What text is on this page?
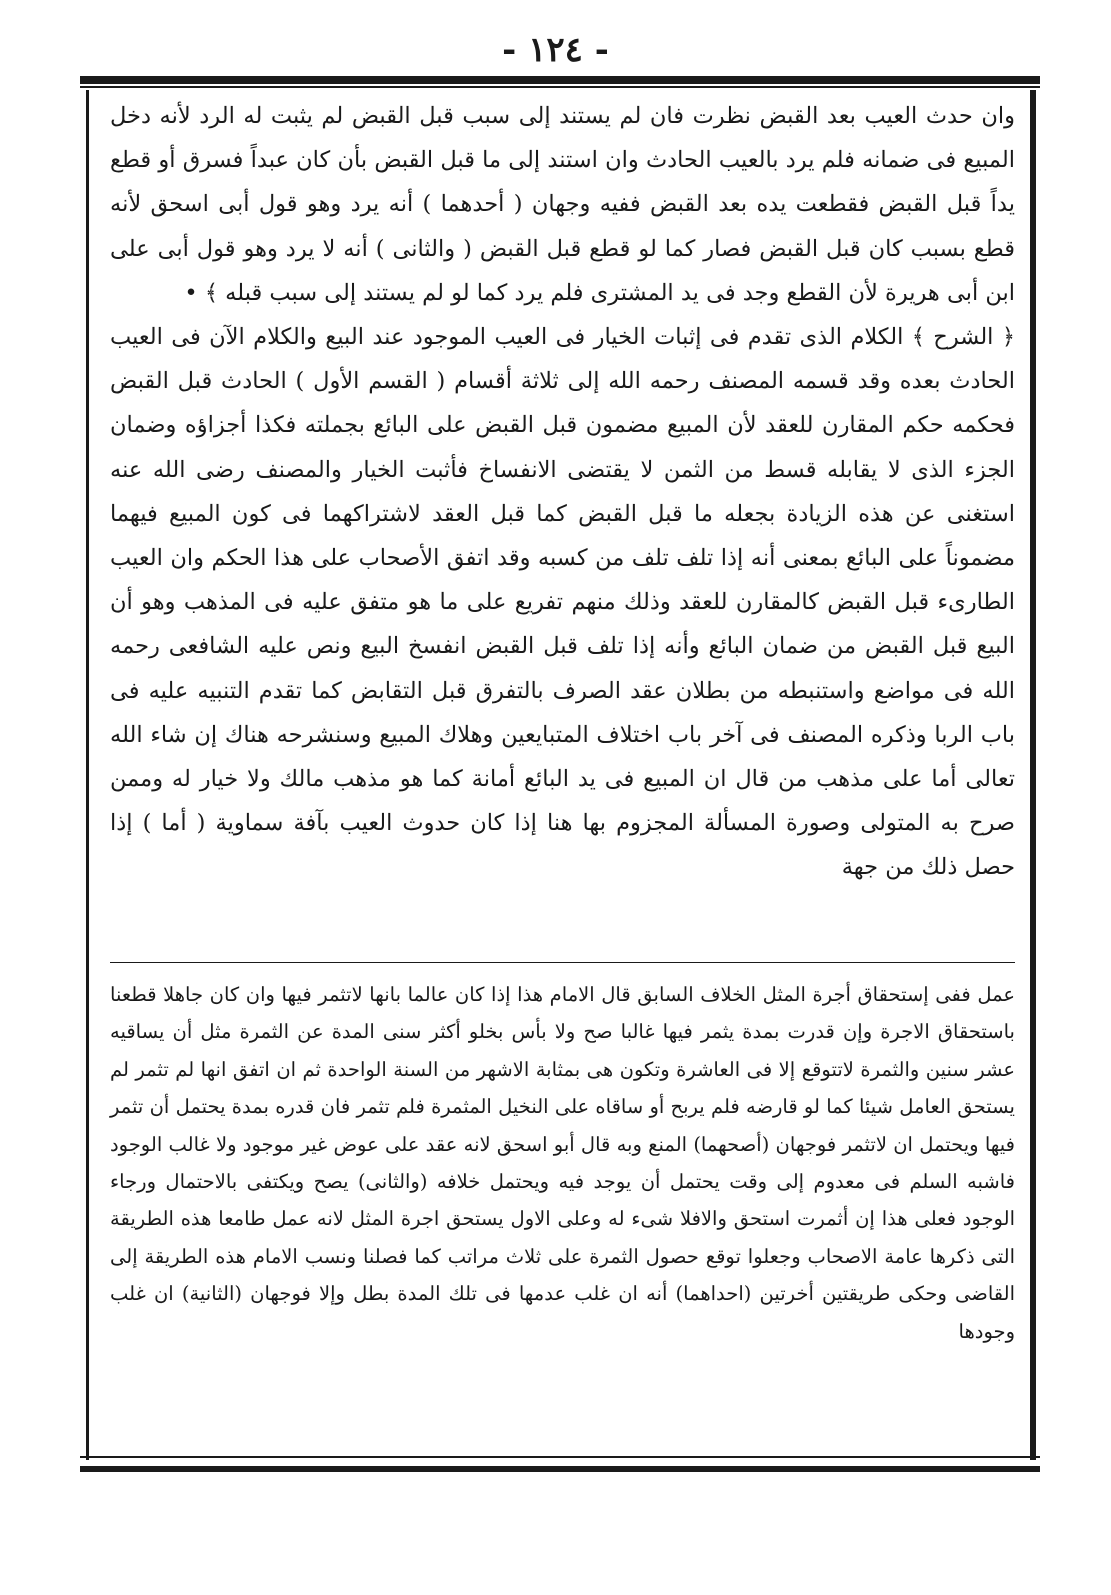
- ١٢٤ -

وان حدث العيب بعد القبض نظرت فان لم يستند إلى سبب قبل القبض لم يثبت له الرد لأنه دخل المبيع فى ضمانه فلم يرد بالعيب الحادث وان استند إلى ما قبل القبض بأن كان عبداً فسرق أو قطع يداً قبل القبض فقطعت يده بعد القبض ففيه وجهان ( أحدهما ) أنه يرد وهو قول أبى اسحق لأنه قطع بسبب كان قبل القبض فصار كما لو قطع قبل القبض ( والثانى ) أنه لا يرد وهو قول أبى على ابن أبى هريرة لأن القطع وجد فى يد المشترى فلم يرد كما لو لم يستند إلى سبب قبله ﴾ •

﴿ الشرح ﴾ الكلام الذى تقدم فى إثبات الخيار فى العيب الموجود عند البيع والكلام الآن فى العيب الحادث بعده وقد قسمه المصنف رحمه الله إلى ثلاثة أقسام ( القسم الأول ) الحادث قبل القبض فحكمه حكم المقارن للعقد لأن المبيع مضمون قبل القبض على البائع بجملته فكذا أجزاؤه وضمان الجزء الذى لا يقابله قسط من الثمن لا يقتضى الانفساخ فأثبت الخيار والمصنف رضى الله عنه استغنى عن هذه الزيادة بجعله ما قبل القبض كما قبل العقد لاشتراكهما فى كون المبيع فيهما مضموناً على البائع بمعنى أنه إذا تلف تلف من كسبه وقد اتفق الأصحاب على هذا الحكم وان العيب الطارىء قبل القبض كالمقارن للعقد وذلك منهم تفريع على ما هو متفق عليه فى المذهب وهو أن البيع قبل القبض من ضمان البائع وأنه إذا تلف قبل القبض انفسخ البيع ونص عليه الشافعى رحمه الله فى مواضع واستنبطه من بطلان عقد الصرف بالتفرق قبل التقابض كما تقدم التنبيه عليه فى باب الربا وذكره المصنف فى آخر باب اختلاف المتبايعين وهلاك المبيع وسنشرحه هناك إن شاء الله تعالى أما على مذهب من قال ان المبيع فى يد البائع أمانة كما هو مذهب مالك ولا خيار له وممن صرح به المتولى وصورة المسألة المجزوم بها هنا إذا كان حدوث العيب بآفة سماوية ( أما ) إذا حصل ذلك من جهة

عمل ففى إستحقاق أجرة المثل الخلاف السابق قال الامام هذا إذا كان عالما بانها لاتثمر فيها وان كان جاهلا قطعنا باستحقاق الاجرة وإن قدرت بمدة يثمر فيها غالبا صح ولا بأس بخلو أكثر سنى المدة عن الثمرة مثل أن يساقيه عشر سنين والثمرة لاتتوقع إلا فى العاشرة وتكون هى بمثابة الاشهر من السنة الواحدة ثم ان اتفق انها لم تثمر لم يستحق العامل شيئا كما لو قارضه فلم يربح أو ساقاه على النخيل المثمرة فلم تثمر فان قدره بمدة يحتمل أن تثمر فيها ويحتمل ان لاتثمر فوجهان (أصحهما) المنع وبه قال أبو اسحق لانه عقد على عوض غير موجود ولا غالب الوجود فاشبه السلم فى معدوم إلى وقت يحتمل أن يوجد فيه ويحتمل خلافه (والثانى) يصح ويكتفى بالاحتمال ورجاء الوجود فعلى هذا إن أثمرت استحق والافلا شىء له وعلى الاول يستحق اجرة المثل لانه عمل طامعا هذه الطريقة التى ذكرها عامة الاصحاب وجعلوا توقع حصول الثمرة على ثلاث مراتب كما فصلنا ونسب الامام هذه الطريقة إلى القاضى وحكى طريقتين أخرتين (احداهما) أنه ان غلب عدمها فى تلك المدة بطل وإلا فوجهان (الثانية) ان غلب وجودها
